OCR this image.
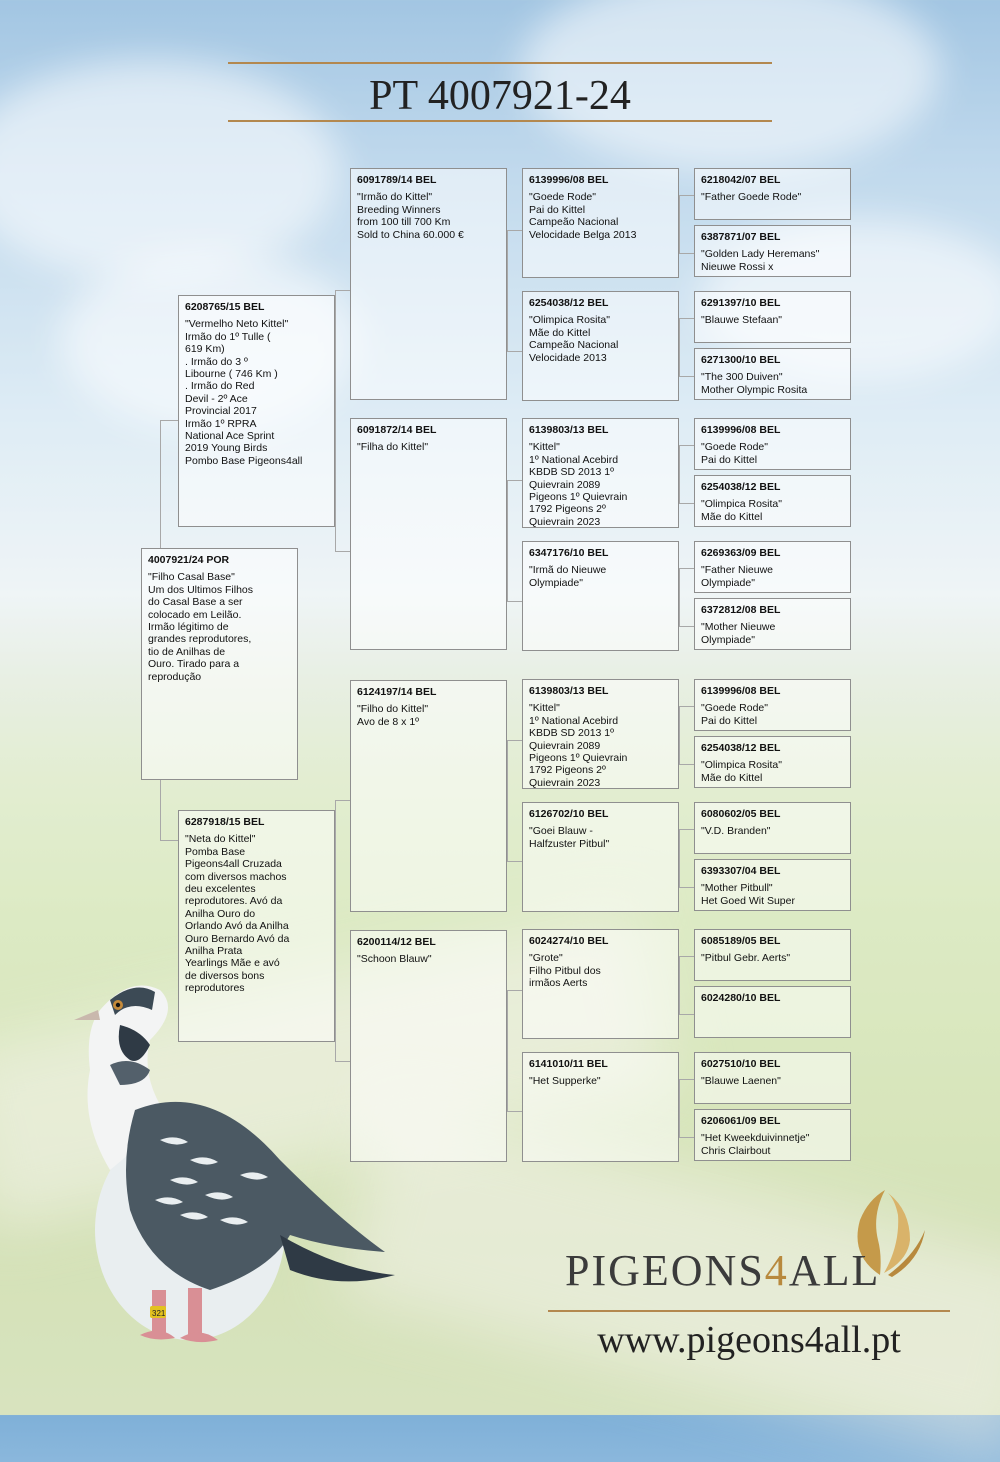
PT 4007921-24
4007921/24 POR
"Filho Casal Base"
Um dos Ultimos Filhos
do Casal Base a ser
colocado em Leilão.
Irmão légitimo de
grandes reprodutores,
tio de Anilhas de
Ouro. Tirado para a
reprodução
6208765/15 BEL
"Vermelho Neto Kittel"
Irmão do 1º Tulle (
619 Km)
. Irmão do 3 º
Libourne ( 746 Km )
. Irmão do Red
Devil - 2º Ace
Provincial 2017
Irmão 1º RPRA
National Ace Sprint
2019 Young Birds
Pombo Base Pigeons4all
6287918/15 BEL
"Neta do Kittel"
Pomba Base
Pigeons4all Cruzada
com diversos machos
deu excelentes
reprodutores. Avó da
Anilha Ouro do
Orlando Avó da Anilha
Ouro Bernardo Avó da
Anilha Prata
Yearlings Mãe e avó
de diversos bons
reprodutores
6091789/14 BEL
"Irmão do Kittel"
Breeding Winners
from 100 till 700 Km
Sold to China 60.000 €
6091872/14 BEL
"Filha do Kittel"
6124197/14 BEL
"Filho do Kittel"
Avo de 8 x 1º
6200114/12 BEL
"Schoon Blauw"
6139996/08 BEL
"Goede Rode"
Pai do Kittel
Campeão Nacional
Velocidade Belga 2013
6254038/12 BEL
"Olimpica Rosita"
Mãe do Kittel
Campeão Nacional
Velocidade 2013
6139803/13 BEL
"Kittel"
1º National Acebird
KBDB SD 2013 1º
Quievrain 2089
Pigeons 1º Quievrain
1792 Pigeons 2º
Quievrain 2023
6347176/10 BEL
"Irmã do Nieuwe
Olympiade"
6139803/13 BEL
"Kittel"
1º National Acebird
KBDB SD 2013 1º
Quievrain 2089
Pigeons 1º Quievrain
1792 Pigeons 2º
Quievrain 2023
6126702/10 BEL
"Goei Blauw -
Halfzuster Pitbul"
6024274/10 BEL
"Grote"
Filho Pitbul dos
irmãos Aerts
6141010/11 BEL
"Het Supperke"
6218042/07 BEL
"Father Goede Rode"
6387871/07 BEL
"Golden Lady Heremans"
Nieuwe Rossi x
6291397/10 BEL
"Blauwe Stefaan"
6271300/10 BEL
"The 300 Duiven"
Mother Olympic Rosita
6139996/08 BEL
"Goede Rode"
Pai do Kittel
6254038/12 BEL
"Olimpica Rosita"
Mãe do Kittel
6269363/09 BEL
"Father Nieuwe
Olympiade"
6372812/08 BEL
"Mother Nieuwe
Olympiade"
6139996/08 BEL
"Goede Rode"
Pai do Kittel
6254038/12 BEL
"Olimpica Rosita"
Mãe do Kittel
6080602/05 BEL
"V.D. Branden"
6393307/04 BEL
"Mother Pitbull"
Het Goed Wit Super
6085189/05 BEL
"Pitbul Gebr. Aerts"
6024280/10 BEL
6027510/10 BEL
"Blauwe Laenen"
6206061/09 BEL
"Het Kweekduivinnetje"
Chris Clairbout
321
PIGEONS4ALL
www.pigeons4all.pt
